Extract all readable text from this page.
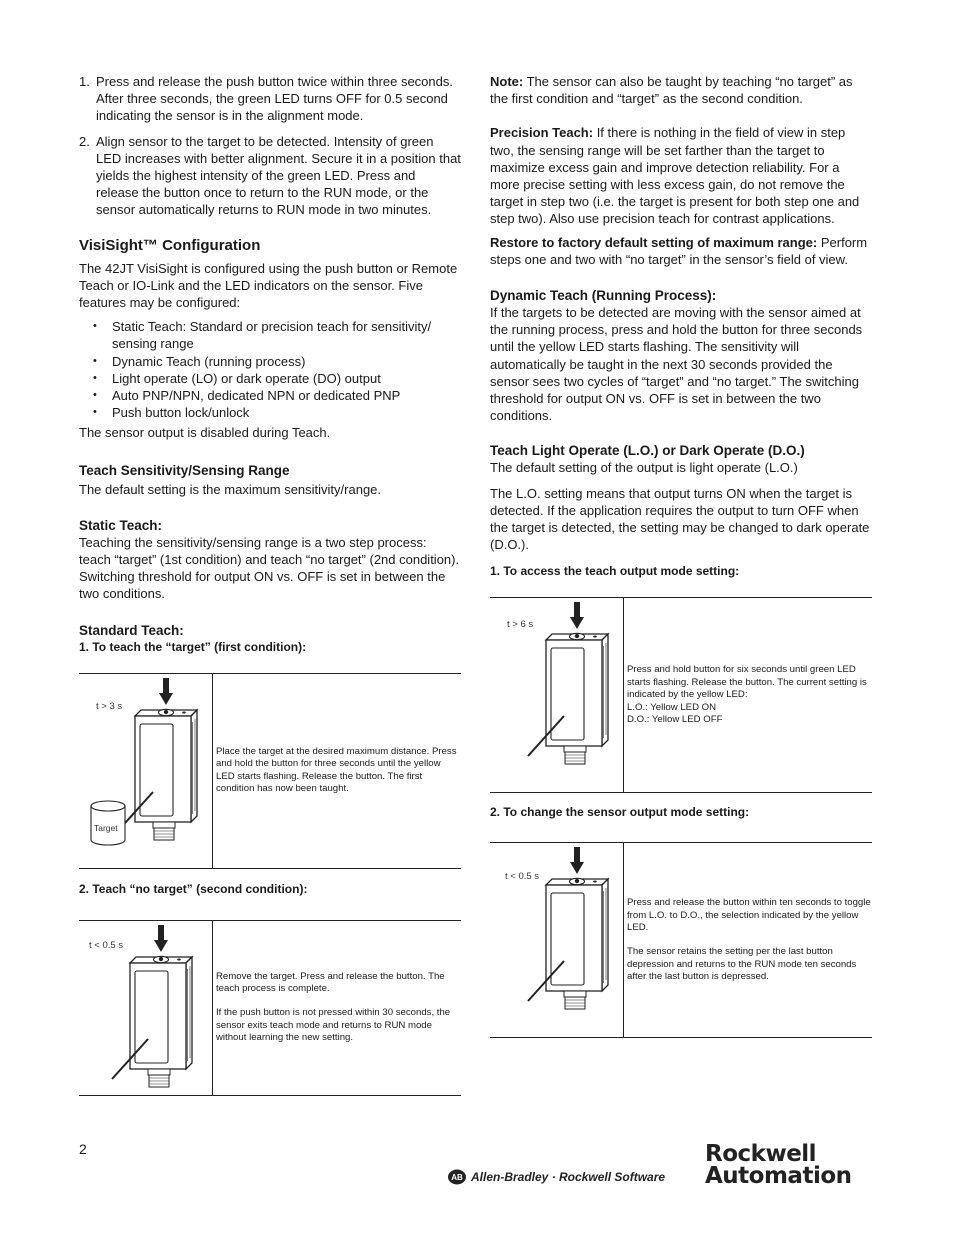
1. Press and release the push button twice within three seconds. After three seconds, the green LED turns OFF for 0.5 second indicating the sensor is in the alignment mode.
2. Align sensor to the target to be detected. Intensity of green LED increases with better alignment. Secure it in a position that yields the highest intensity of the green LED. Press and release the button once to return to the RUN mode, or the sensor automatically returns to RUN mode in two minutes.
VisiSight™ Configuration

The 42JT VisiSight is configured using the push button or Remote Teach or IO-Link and the LED indicators on the sensor. Five features may be configured:

• Static Teach: Standard or precision teach for sensitivity/ sensing range
• Dynamic Teach (running process)
• Light operate (LO) or dark operate (DO) output
• Auto PNP/NPN, dedicated NPN or dedicated PNP
• Push button lock/unlock

The sensor output is disabled during Teach.

Teach Sensitivity/Sensing Range

The default setting is the maximum sensitivity/range.

Static Teach:

Teaching the sensitivity/sensing range is a two step process: teach “target” (1st condition) and teach “no target” (2nd condition). Switching threshold for output ON vs. OFF is set in between the two conditions.

Standard Teach:

1. To teach the “target” (first condition):

t > 3 s
Target

Place the target at the desired maximum distance. Press and hold the button for three seconds until the yellow LED starts flashing. Release the button. The first condition has now been taught.

2. Teach “no target” (second condition):

t < 0.5 s

Remove the target. Press and release the button. The teach process is complete.

If the push button is not pressed within 30 seconds, the sensor exits teach mode and returns to RUN mode without learning the new setting.

Note: The sensor can also be taught by teaching “no target” as the first condition and “target” as the second condition.

Precision Teach: If there is nothing in the field of view in step two, the sensing range will be set farther than the target to maximize excess gain and improve detection reliability. For a more precise setting with less excess gain, do not remove the target in step two (i.e. the target is present for both step one and step two). Also use precision teach for contrast applications.

Restore to factory default setting of maximum range: Perform steps one and two with “no target” in the sensor’s field of view.

Dynamic Teach (Running Process):

If the targets to be detected are moving with the sensor aimed at the running process, press and hold the button for three seconds until the yellow LED starts flashing. The sensitivity will automatically be taught in the next 30 seconds provided the sensor sees two cycles of “target” and “no target.” The switching threshold for output ON vs. OFF is set in between the two conditions.

Teach Light Operate (L.O.) or Dark Operate (D.O.)

The default setting of the output is light operate (L.O.)

The L.O. setting means that output turns ON when the target is detected. If the application requires the output to turn OFF when the target is detected, the setting may be changed to dark operate (D.O.).

1. To access the teach output mode setting:

t > 6 s

Press and hold button for six seconds until green LED starts flashing. Release the button. The current setting is indicated by the yellow LED:
L.O.: Yellow LED ON
D.O.: Yellow LED OFF

2. To change the sensor output mode setting:

t < 0.5 s

Press and release the button within ten seconds to toggle from L.O. to D.O., the selection indicated by the yellow LED.

The sensor retains the setting per the last button depression and returns to the RUN mode ten seconds after the last button is depressed.

2
AB Allen-Bradley · Rockwell Software
Rockwell
Automation
